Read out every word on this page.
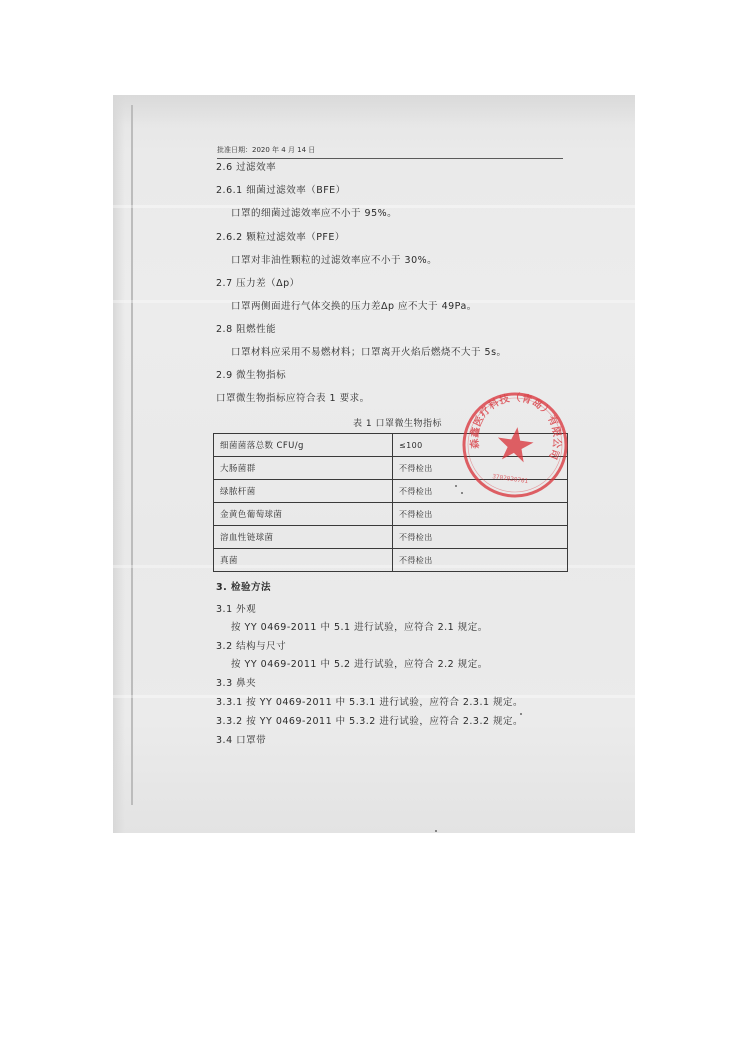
批准日期：2020 年 4 月 14 日
2.6 过滤效率
2.6.1 细菌过滤效率（BFE）
口罩的细菌过滤效率应不小于 95%。
2.6.2 颗粒过滤效率（PFE）
口罩对非油性颗粒的过滤效率应不小于 30%。
2.7 压力差（Δp）
口罩两侧面进行气体交换的压力差Δp 应不大于 49Pa。
2.8 阻燃性能
口罩材料应采用不易燃材料；口罩离开火焰后燃烧不大于 5s。
2.9 微生物指标
口罩微生物指标应符合表 1 要求。
表 1 口罩微生物指标
细菌菌落总数 CFU/g	≤100
大肠菌群	不得检出
绿脓杆菌	不得检出
金黄色葡萄球菌	不得检出
溶血性链球菌	不得检出
真菌	不得检出
3. 检验方法
3.1 外观
按 YY 0469-2011 中 5.1 进行试验，应符合 2.1 规定。
3.2 结构与尺寸
按 YY 0469-2011 中 5.2 进行试验，应符合 2.2 规定。
3.3 鼻夹
3.3.1 按 YY 0469-2011 中 5.3.1 进行试验，应符合 2.3.1 规定。
3.3.2 按 YY 0469-2011 中 5.3.2 进行试验，应符合 2.3.2 规定。
3.4 口罩带
森鑫医疗科技（青岛）有限公司
3702020701
